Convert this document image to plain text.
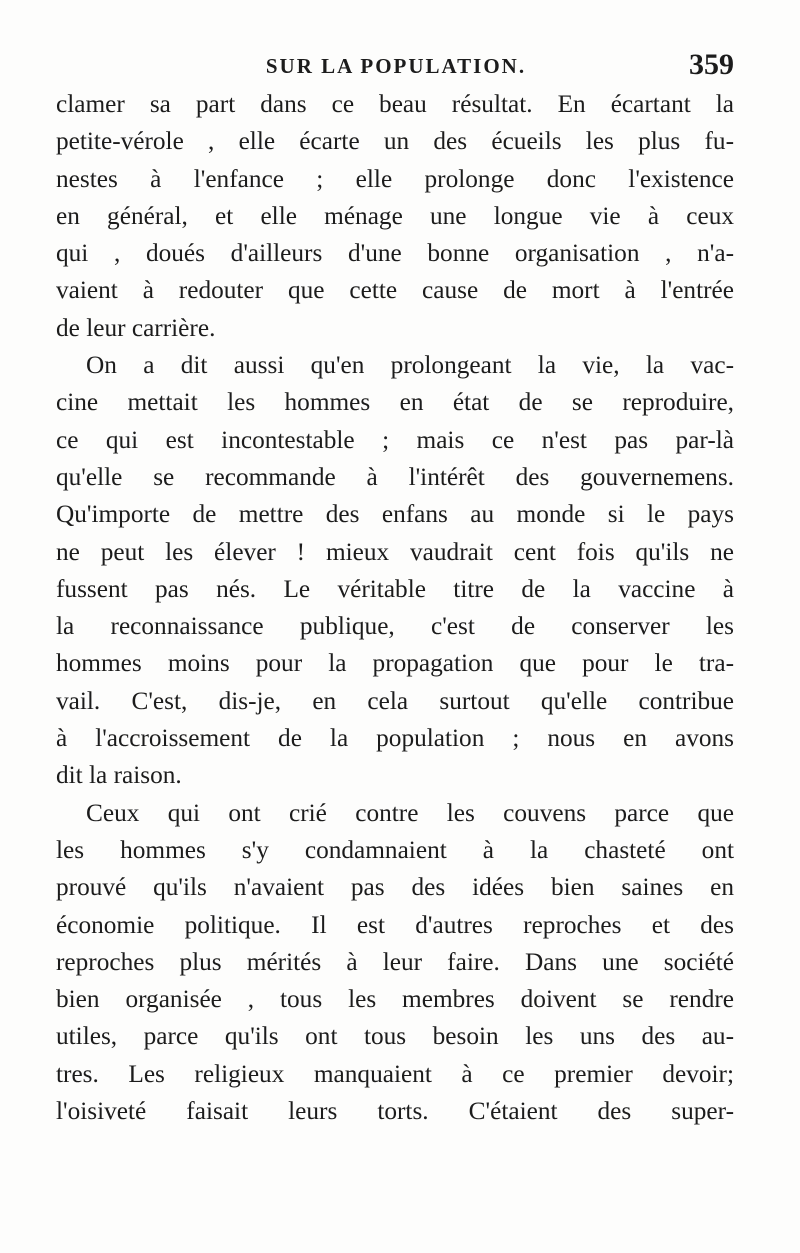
SUR LA POPULATION.	359
clamer sa part dans ce beau résultat. En écartant la
petite-vérole , elle écarte un des écueils les plus fu-
nestes à l'enfance ; elle prolonge donc l'existence
en général, et elle ménage une longue vie à ceux
qui , doués d'ailleurs d'une bonne organisation , n'a-
vaient à redouter que cette cause de mort à l'entrée
de leur carrière.
On a dit aussi qu'en prolongeant la vie, la vac-
cine mettait les hommes en état de se reproduire,
ce qui est incontestable ; mais ce n'est pas par-là
qu'elle se recommande à l'intérêt des gouvernemens.
Qu'importe de mettre des enfans au monde si le pays
ne peut les élever ! mieux vaudrait cent fois qu'ils ne
fussent pas nés. Le véritable titre de la vaccine à
la reconnaissance publique, c'est de conserver les
hommes moins pour la propagation que pour le tra-
vail. C'est, dis-je, en cela surtout qu'elle contribue
à l'accroissement de la population ; nous en avons
dit la raison.
Ceux qui ont crié contre les couvens parce que
les hommes s'y condamnaient à la chasteté ont
prouvé qu'ils n'avaient pas des idées bien saines en
économie politique. Il est d'autres reproches et des
reproches plus mérités à leur faire. Dans une société
bien organisée , tous les membres doivent se rendre
utiles, parce qu'ils ont tous besoin les uns des au-
tres. Les religieux manquaient à ce premier devoir;
l'oisiveté faisait leurs torts. C'étaient des super-
